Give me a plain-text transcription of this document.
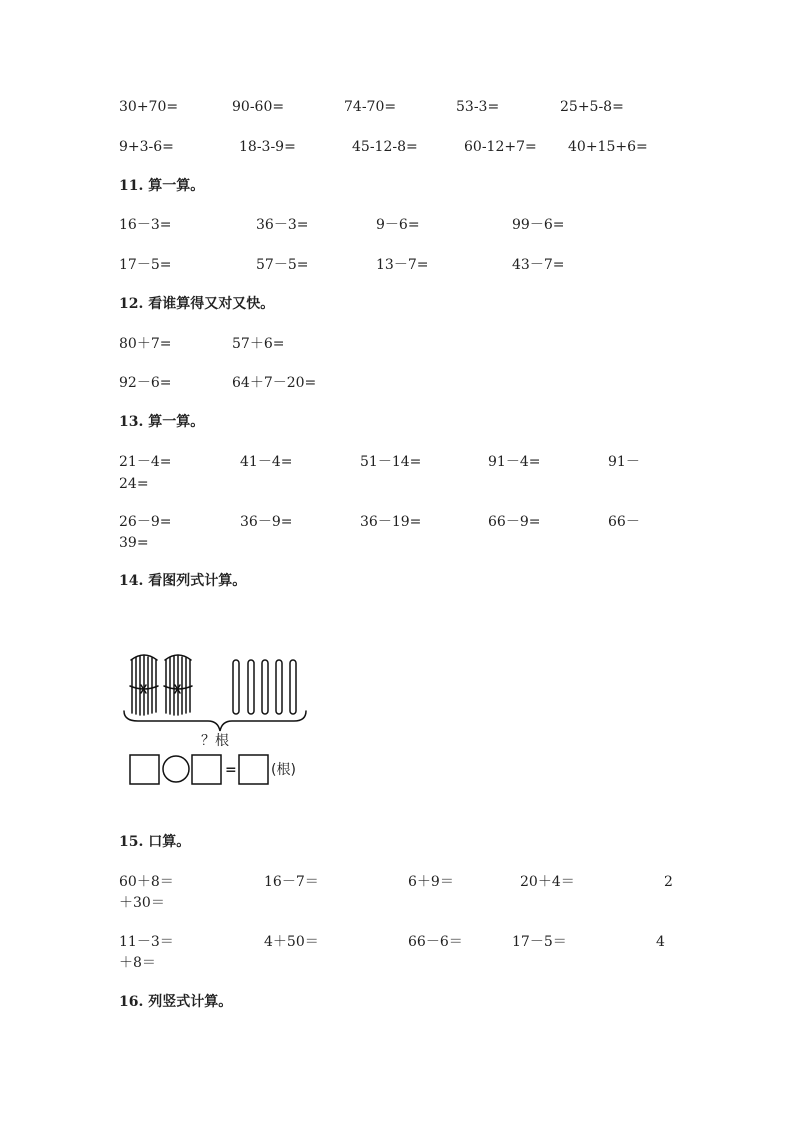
30+70=	90-60=	74-70=	53-3=	25+5-8=
9+3-6=	18-3-9=	45-12-8=	60-12+7= 40+15+6=
11. 算一算。
16－3=	36－3=	9－6=	99－6=
17－5=	57－5=	13－7=	43－7=
12. 看谁算得又对又快。
80＋7=	57＋6=
92－6=	64＋7－20=
13. 算一算。
21－4=	41－4=	51－14=	91－4=	91－
24=
26－9=	36－9=	36－19=	66－9=	66－
39=
14. 看图列式计算。
？根
= (根)
15. 口算。
60＋8＝	16－7＝	6＋9＝	20＋4＝	2
＋30＝
11－3＝	4＋50＝	66－6＝	17－5＝	4
＋8＝
16. 列竖式计算。
